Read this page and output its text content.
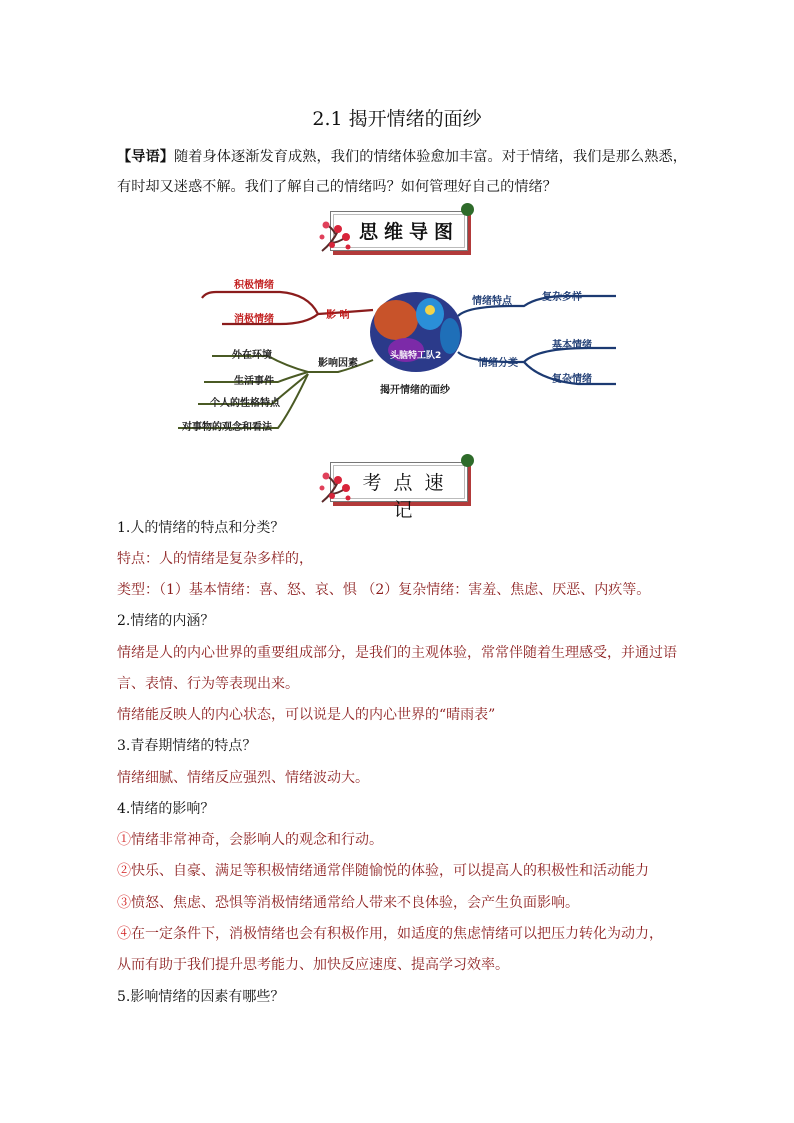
2.1 揭开情绪的面纱
【导语】随着身体逐渐发育成熟，我们的情绪体验愈加丰富。对于情绪，我们是那么熟悉，有时却又迷惑不解。我们了解自己的情绪吗？如何管理好自己的情绪？
思维导图
头脑特工队2
揭开情绪的面纱
影 响
积极情绪
消极情绪
影响因素
外在环境
生活事件
个人的性格特点
对事物的观念和看法
情绪特点	复杂多样
情绪分类
基本情绪
复杂情绪
考点速记
1.人的情绪的特点和分类？
特点：人的情绪是复杂多样的，
类型：（1）基本情绪：喜、怒、哀、惧 （2）复杂情绪：害羞、焦虑、厌恶、内疚等。
2.情绪的内涵？
情绪是人的内心世界的重要组成部分，是我们的主观体验，常常伴随着生理感受，并通过语
言、表情、行为等表现出来。
情绪能反映人的内心状态，可以说是人的内心世界的“晴雨表”
3.青春期情绪的特点？
情绪细腻、情绪反应强烈、情绪波动大。
4.情绪的影响？
①情绪非常神奇，会影响人的观念和行动。
②快乐、自豪、满足等积极情绪通常伴随愉悦的体验，可以提高人的积极性和活动能力
③愤怒、焦虑、恐惧等消极情绪通常给人带来不良体验，会产生负面影响。
④在一定条件下，消极情绪也会有积极作用，如适度的焦虑情绪可以把压力转化为动力，
从而有助于我们提升思考能力、加快反应速度、提高学习效率。
5.影响情绪的因素有哪些？
